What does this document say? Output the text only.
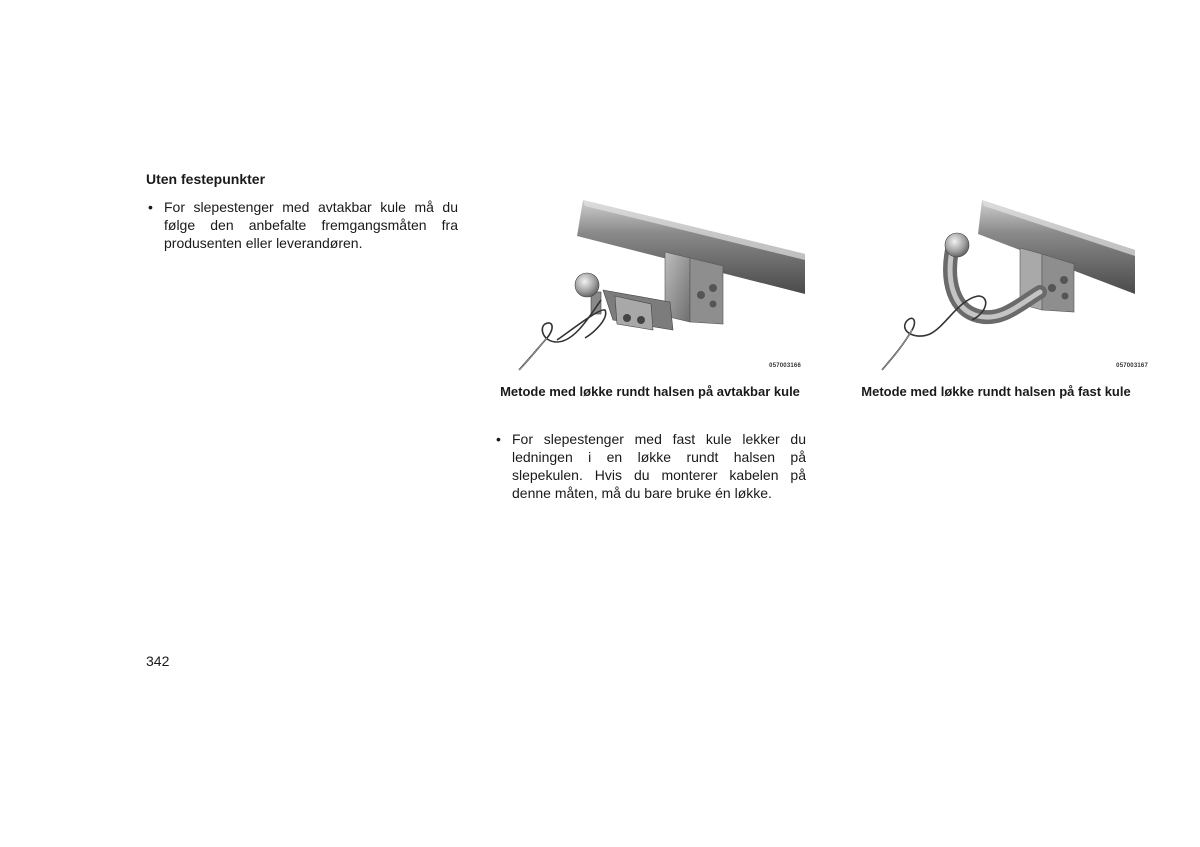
Uten festepunkter
• For slepestenger med avtakbar kule må du følge den anbefalte fremgangsmåten fra produsenten eller leverandøren.
057003166	057003167
Metode med løkke rundt halsen på avtakbar kule	Metode med løkke rundt halsen på fast kule
• For slepestenger med fast kule lekker du ledningen i en løkke rundt halsen på slepekulen. Hvis du monterer kabelen på denne måten, må du bare bruke én løkke.
342
